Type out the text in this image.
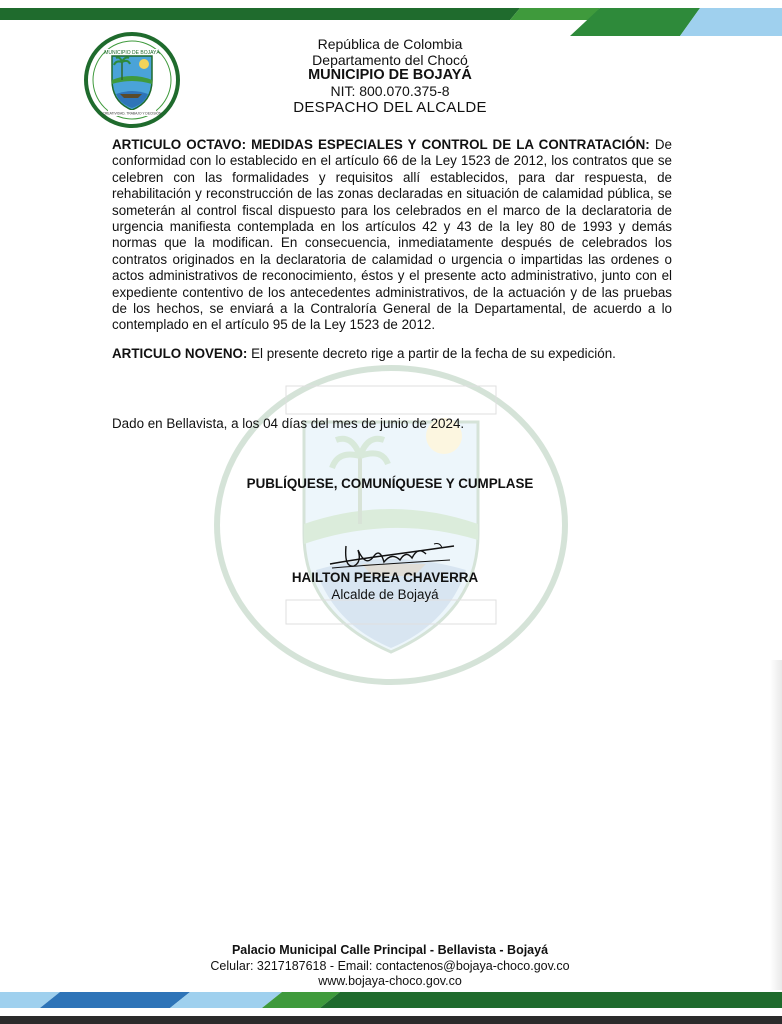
MUNICIPIO DE BOJAYÁ
CREATIVIDAD, TRABAJO Y DECISIÓN
República de Colombia
Departamento del Chocó
MUNICIPIO DE BOJAYÁ
NIT: 800.070.375-8
DESPACHO DEL ALCALDE
ARTICULO OCTAVO: MEDIDAS ESPECIALES Y CONTROL DE LA CONTRATACIÓN: De conformidad con lo establecido en el artículo 66 de la Ley 1523 de 2012, los contratos que se celebren con las formalidades y requisitos allí establecidos, para dar respuesta, de rehabilitación y reconstrucción de las zonas declaradas en situación de calamidad pública, se someterán al control fiscal dispuesto para los celebrados en el marco de la declaratoria de urgencia manifiesta contemplada en los artículos 42 y 43 de la ley 80 de 1993 y demás normas que la modifican. En consecuencia, inmediatamente después de celebrados los contratos originados en la declaratoria de calamidad o urgencia o impartidas las ordenes o actos administrativos de reconocimiento, éstos y el presente acto administrativo, junto con el expediente contentivo de los antecedentes administrativos, de la actuación y de las pruebas de los hechos, se enviará a la Contraloría General de la Departamental, de acuerdo a lo contemplado en el artículo 95 de la Ley 1523 de 2012.
ARTICULO NOVENO: El presente decreto rige a partir de la fecha de su expedición.
Dado en Bellavista, a los 04 días del mes de junio de 2024.
PUBLÍQUESE, COMUNÍQUESE Y CUMPLASE
HAILTON PEREA CHAVERRA
Alcalde de Bojayá
Palacio Municipal Calle Principal - Bellavista - Bojayá
Celular: 3217187618 - Email: contactenos@bojaya-choco.gov.co
www.bojaya-choco.gov.co
